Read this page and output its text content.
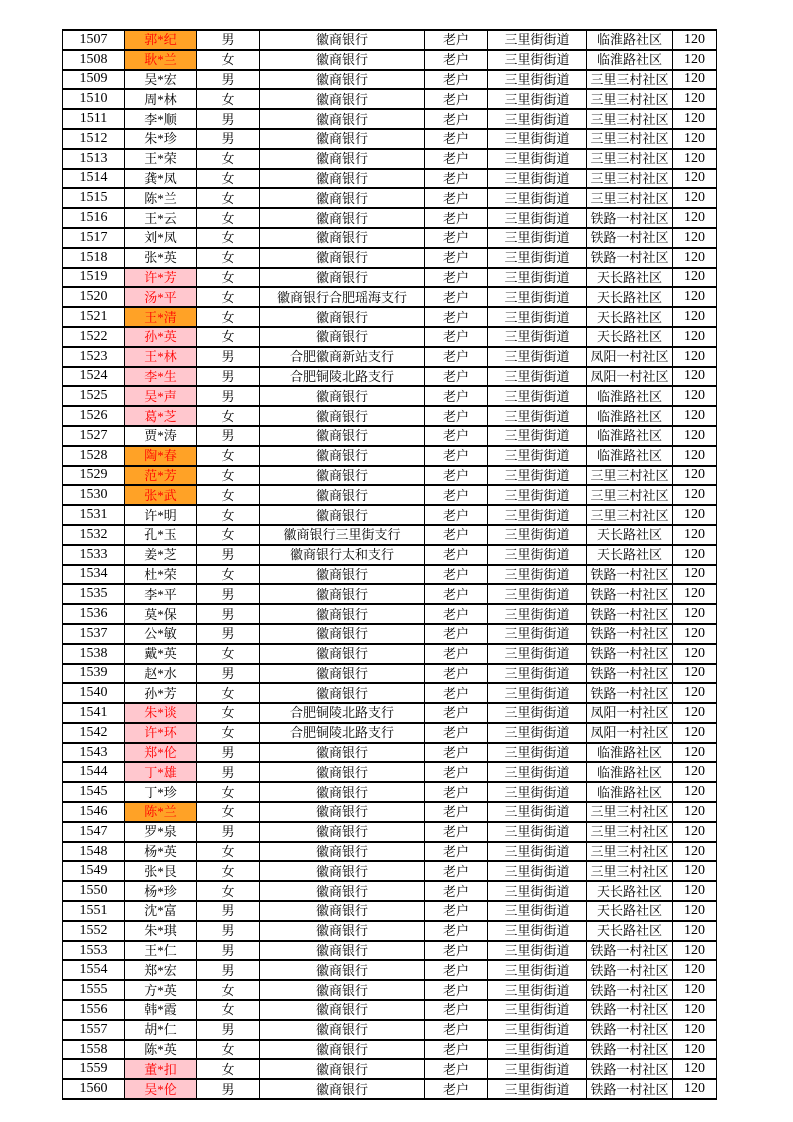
1507	郭*纪	男	徽商银行	老户	三里街街道	临淮路社区	120
1508	耿*兰	女	徽商银行	老户	三里街街道	临淮路社区	120
1509	吴*宏	男	徽商银行	老户	三里街街道	三里三村社区	120
1510	周*林	女	徽商银行	老户	三里街街道	三里三村社区	120
1511	李*顺	男	徽商银行	老户	三里街街道	三里三村社区	120
1512	朱*珍	男	徽商银行	老户	三里街街道	三里三村社区	120
1513	王*荣	女	徽商银行	老户	三里街街道	三里三村社区	120
1514	龚*凤	女	徽商银行	老户	三里街街道	三里三村社区	120
1515	陈*兰	女	徽商银行	老户	三里街街道	三里三村社区	120
1516	王*云	女	徽商银行	老户	三里街街道	铁路一村社区	120
1517	刘*凤	女	徽商银行	老户	三里街街道	铁路一村社区	120
1518	张*英	女	徽商银行	老户	三里街街道	铁路一村社区	120
1519	许*芳	女	徽商银行	老户	三里街街道	天长路社区	120
1520	汤*平	女	徽商银行合肥瑶海支行	老户	三里街街道	天长路社区	120
1521	王*清	女	徽商银行	老户	三里街街道	天长路社区	120
1522	孙*英	女	徽商银行	老户	三里街街道	天长路社区	120
1523	王*林	男	合肥徽商新站支行	老户	三里街街道	凤阳一村社区	120
1524	李*生	男	合肥铜陵北路支行	老户	三里街街道	凤阳一村社区	120
1525	吴*声	男	徽商银行	老户	三里街街道	临淮路社区	120
1526	葛*芝	女	徽商银行	老户	三里街街道	临淮路社区	120
1527	贾*涛	男	徽商银行	老户	三里街街道	临淮路社区	120
1528	陶*春	女	徽商银行	老户	三里街街道	临淮路社区	120
1529	范*芳	女	徽商银行	老户	三里街街道	三里三村社区	120
1530	张*武	女	徽商银行	老户	三里街街道	三里三村社区	120
1531	许*明	女	徽商银行	老户	三里街街道	三里三村社区	120
1532	孔*玉	女	徽商银行三里街支行	老户	三里街街道	天长路社区	120
1533	姜*芝	男	徽商银行太和支行	老户	三里街街道	天长路社区	120
1534	杜*荣	女	徽商银行	老户	三里街街道	铁路一村社区	120
1535	李*平	男	徽商银行	老户	三里街街道	铁路一村社区	120
1536	莫*保	男	徽商银行	老户	三里街街道	铁路一村社区	120
1537	公*敏	男	徽商银行	老户	三里街街道	铁路一村社区	120
1538	戴*英	女	徽商银行	老户	三里街街道	铁路一村社区	120
1539	赵*水	男	徽商银行	老户	三里街街道	铁路一村社区	120
1540	孙*芳	女	徽商银行	老户	三里街街道	铁路一村社区	120
1541	朱*谈	女	合肥铜陵北路支行	老户	三里街街道	凤阳一村社区	120
1542	许*环	女	合肥铜陵北路支行	老户	三里街街道	凤阳一村社区	120
1543	郑*伦	男	徽商银行	老户	三里街街道	临淮路社区	120
1544	丁*雄	男	徽商银行	老户	三里街街道	临淮路社区	120
1545	丁*珍	女	徽商银行	老户	三里街街道	临淮路社区	120
1546	陈*兰	女	徽商银行	老户	三里街街道	三里三村社区	120
1547	罗*泉	男	徽商银行	老户	三里街街道	三里三村社区	120
1548	杨*英	女	徽商银行	老户	三里街街道	三里三村社区	120
1549	张*艮	女	徽商银行	老户	三里街街道	三里三村社区	120
1550	杨*珍	女	徽商银行	老户	三里街街道	天长路社区	120
1551	沈*富	男	徽商银行	老户	三里街街道	天长路社区	120
1552	朱*琪	男	徽商银行	老户	三里街街道	天长路社区	120
1553	王*仁	男	徽商银行	老户	三里街街道	铁路一村社区	120
1554	郑*宏	男	徽商银行	老户	三里街街道	铁路一村社区	120
1555	方*英	女	徽商银行	老户	三里街街道	铁路一村社区	120
1556	韩*霞	女	徽商银行	老户	三里街街道	铁路一村社区	120
1557	胡*仁	男	徽商银行	老户	三里街街道	铁路一村社区	120
1558	陈*英	女	徽商银行	老户	三里街街道	铁路一村社区	120
1559	董*扣	女	徽商银行	老户	三里街街道	铁路一村社区	120
1560	吴*伦	男	徽商银行	老户	三里街街道	铁路一村社区	120
